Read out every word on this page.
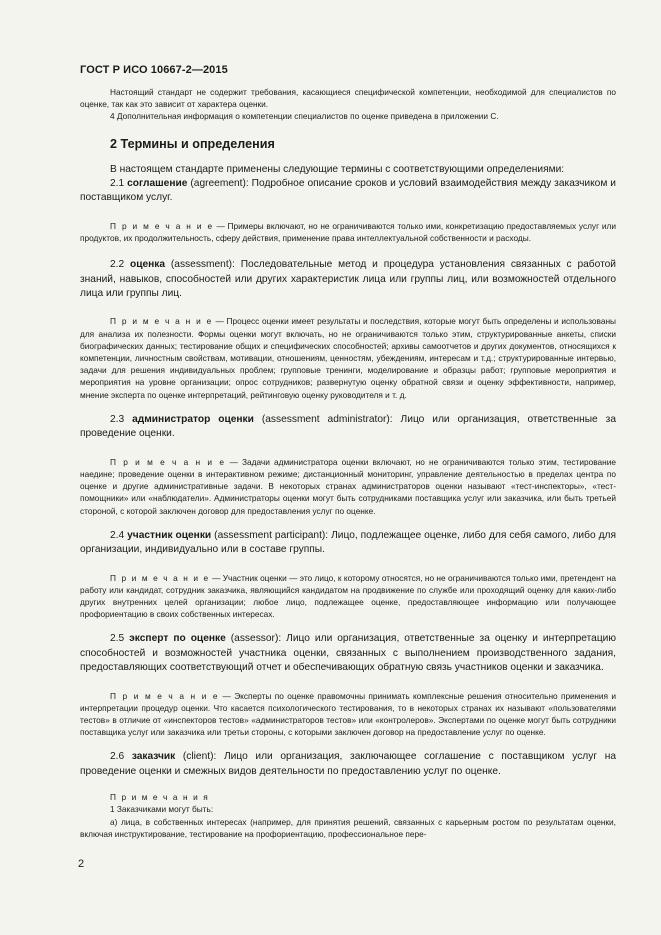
ГОСТ Р ИСО 10667-2—2015

Настоящий стандарт не содержит требования, касающиеся специфической компетенции, необходимой для специалистов по оценке, так как это зависит от характера оценки.

4 Дополнительная информация о компетенции специалистов по оценке приведена в приложении С.

2 Термины и определения

В настоящем стандарте применены следующие термины с соответствующими определениями:

2.1 соглашение (agreement): Подробное описание сроков и условий взаимодействия между заказчиком и поставщиком услуг.

П р и м е ч а н и е — Примеры включают, но не ограничиваются только ими, конкретизацию предоставляемых услуг или продуктов, их продолжительность, сферу действия, применение права интеллектуальной собственности и расходы.

2.2 оценка (assessment): Последовательные метод и процедура установления связанных с работой знаний, навыков, способностей или других характеристик лица или группы лиц, или возможностей отдельного лица или группы лиц.

П р и м е ч а н и е — Процесс оценки имеет результаты и последствия, которые могут быть определены и использованы для анализа их полезности. Формы оценки могут включать, но не ограничиваются только этим, структурированные анкеты, списки биографических данных; тестирование общих и специфических способностей; архивы самоотчетов и других документов, относящихся к компетенции, личностным свойствам, мотивации, отношениям, ценностям, убеждениям, интересам и т.д.; структурированные интервью, задачи для решения индивидуальных проблем; групповые тренинги, моделирование и образцы работ; групповые мероприятия и мероприятия на уровне организации; опрос сотрудников; развернутую оценку обратной связи и оценку эффективности, например, мнение эксперта по оценке интерпретаций, рейтинговую оценку руководителя и т. д.

2.3 администратор оценки (assessment administrator): Лицо или организация, ответственные за проведение оценки.

П р и м е ч а н и е — Задачи администратора оценки включают, но не ограничиваются только этим, тестирование наедине; проведение оценки в интерактивном режиме; дистанционный мониторинг, управление деятельностью в пределах центра по оценке и другие административные задачи. В некоторых странах администраторов оценки называют «тест-инспекторы», «тест-помощники» или «наблюдатели». Администраторы оценки могут быть сотрудниками поставщика услуг или заказчика, или быть третьей стороной, с которой заключен договор для предоставления услуг по оценке.

2.4 участник оценки (assessment participant): Лицо, подлежащее оценке, либо для себя самого, либо для организации, индивидуально или в составе группы.

П р и м е ч а н и е — Участник оценки — это лицо, к которому относятся, но не ограничиваются только ими, претендент на работу или кандидат, сотрудник заказчика, являющийся кандидатом на продвижение по службе или проходящий оценку для каких-либо других внутренних целей организации; любое лицо, подлежащее оценке, предоставляющее информацию или получающее профориентацию в своих собственных интересах.

2.5 эксперт по оценке (assessor): Лицо или организация, ответственные за оценку и интерпретацию способностей и возможностей участника оценки, связанных с выполнением производственного задания, предоставляющих соответствующий отчет и обеспечивающих обратную связь участников оценки и заказчика.

П р и м е ч а н и е — Эксперты по оценке правомочны принимать комплексные решения относительно применения и интерпретации процедур оценки. Что касается психологического тестирования, то в некоторых странах их называют «пользователями тестов» в отличие от «инспекторов тестов» «администраторов тестов» или «контролеров». Экспертами по оценке могут быть сотрудники поставщика услуг или заказчика или третьи стороны, с которыми заключен договор на предоставление услуг по оценке.

2.6 заказчик (client): Лицо или организация, заключающее соглашение с поставщиком услуг на проведение оценки и смежных видов деятельности по предоставлению услуг по оценке.

П р и м е ч а н и я

1 Заказчиками могут быть:

а) лица, в собственных интересах (например, для принятия решений, связанных с карьерным ростом по результатам оценки, включая инструктирование, тестирование на профориентацию, профессиональное пере-

2
